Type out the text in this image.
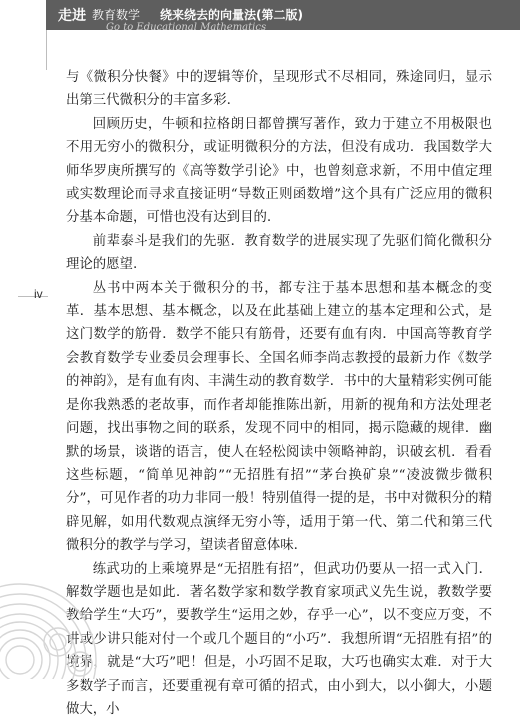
走进 教育数学 绕来绕去的向量法(第二版)
Go to Educational Mathematics
iv

与《微积分快餐》中的逻辑等价，呈现形式不尽相同，殊途同归，显示出第三代微积分的丰富多彩.

回顾历史，牛顿和拉格朗日都曾撰写著作，致力于建立不用极限也不用无穷小的微积分，或证明微积分的方法，但没有成功．我国数学大师华罗庚所撰写的《高等数学引论》中，也曾刻意求新，不用中值定理或实数理论而寻求直接证明“导数正则函数增”这个具有广泛应用的微积分基本命题，可惜也没有达到目的.

前辈泰斗是我们的先驱．教育数学的进展实现了先驱们简化微积分理论的愿望.

丛书中两本关于微积分的书，都专注于基本思想和基本概念的变革．基本思想、基本概念，以及在此基础上建立的基本定理和公式，是这门数学的筋骨．数学不能只有筋骨，还要有血有肉．中国高等教育学会教育数学专业委员会理事长、全国名师李尚志教授的最新力作《数学的神韵》，是有血有肉、丰满生动的教育数学．书中的大量精彩实例可能是你我熟悉的老故事，而作者却能推陈出新，用新的视角和方法处理老问题，找出事物之间的联系，发现不同中的相同，揭示隐藏的规律．幽默的场景，谈谐的语言，使人在轻松阅读中领略神韵，识破玄机．看看这些标题，“简单见神韵”“无招胜有招”“茅台换矿泉”“凌波微步微积分”，可见作者的功力非同一般！特别值得一提的是，书中对微积分的精辟见解，如用代数观点演绎无穷小等，适用于第一代、第二代和第三代微积分的教学与学习，望读者留意体味.

练武功的上乘境界是“无招胜有招”，但武功仍要从一招一式入门．解数学题也是如此．著名数学家和数学教育家项武义先生说，教数学要教给学生“大巧”，要教学生“运用之妙，存乎一心”，以不变应万变，不讲或少讲只能对付一个或几个题目的“小巧”．我想所谓“无招胜有招”的境界，就是“大巧”吧！但是，小巧固不足取，大巧也确实太难．对于大多数学子而言，还要重视有章可循的招式，由小到大，以小御大，小题做大，小
